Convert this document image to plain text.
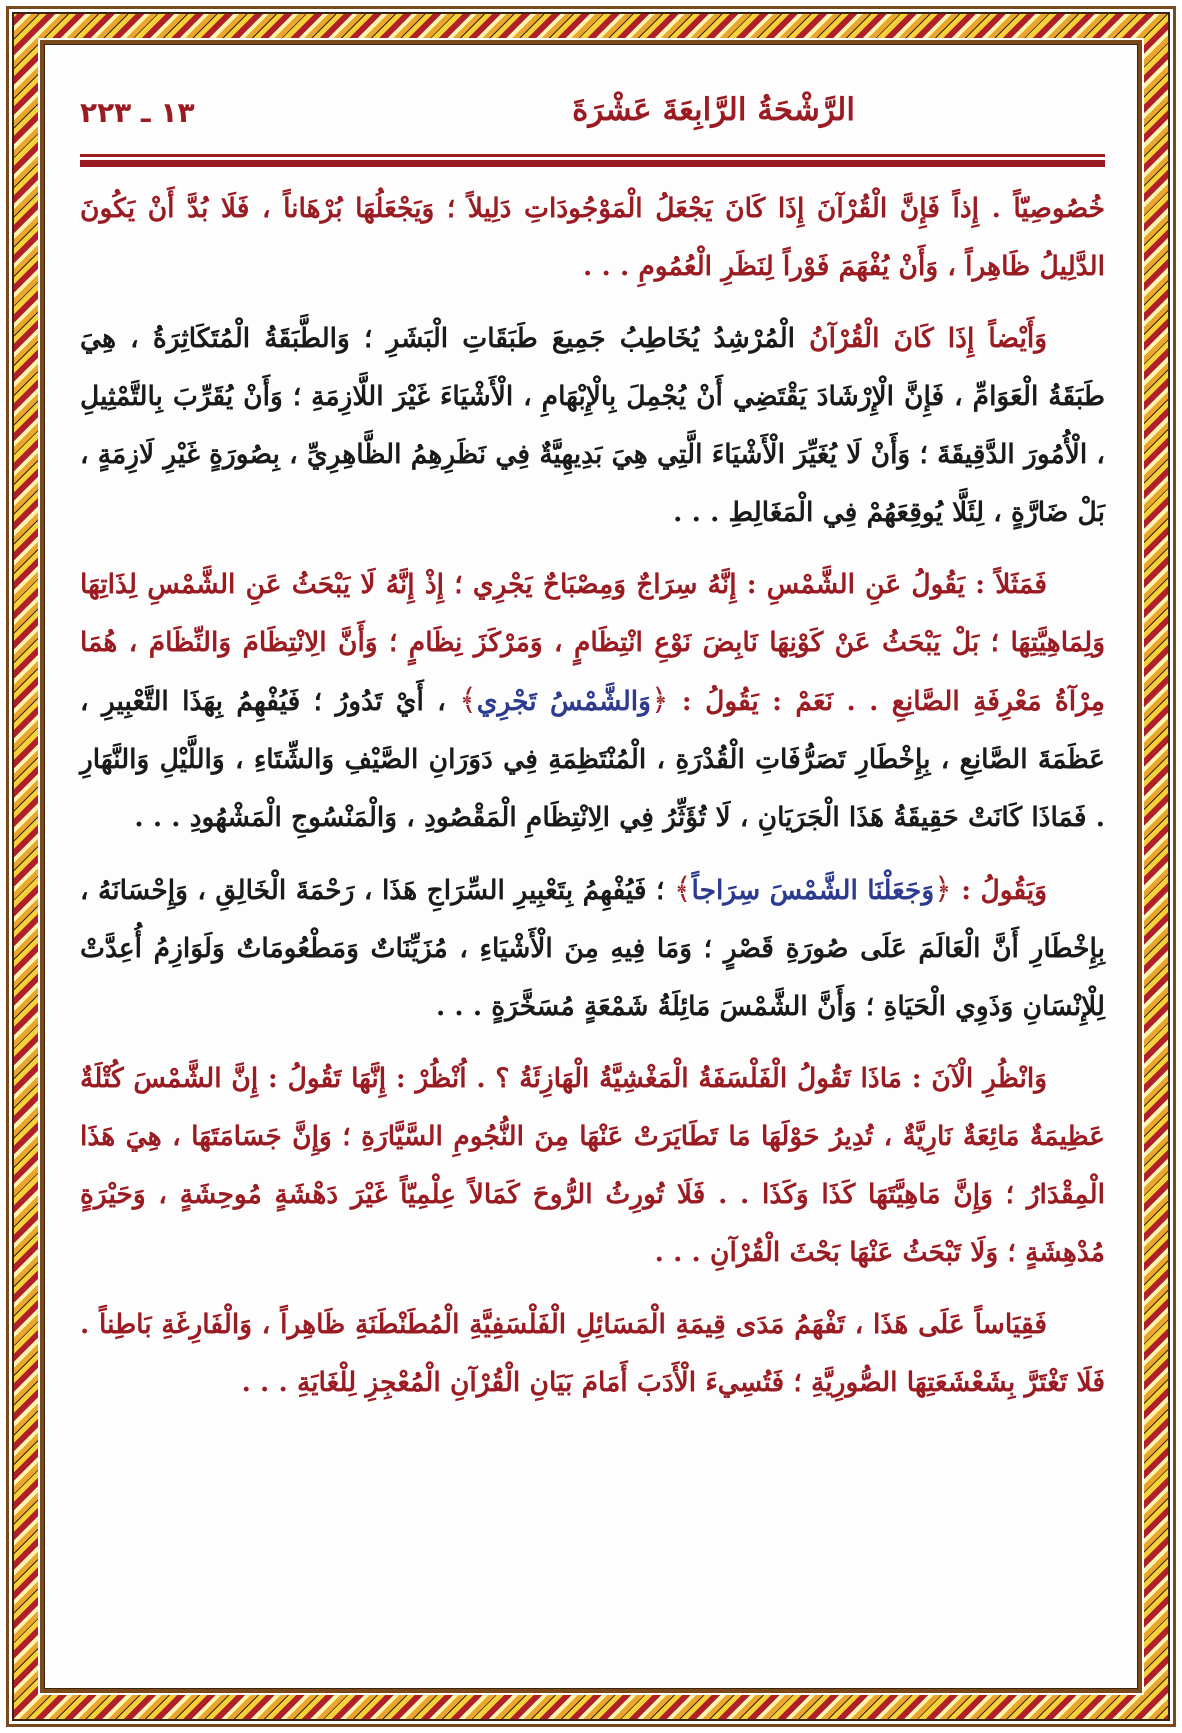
الرَّشْحَةُ الرَّابِعَةَ عَشْرَةَ
١٣ ـ ٢٢٣

خُصُوصِيّاً . إِذاً فَإِنَّ الْقُرْآنَ إِذَا كَانَ يَجْعَلُ الْمَوْجُودَاتِ دَلِيلاً ؛ وَيَجْعَلُهَا بُرْهَاناً ، فَلَا بُدَّ أَنْ يَكُونَ الدَّلِيلُ ظَاهِراً ، وَأَنْ يُفْهَمَ فَوْراً لِنَظَرِ الْعُمُومِ . . .

وَأَيْضاً إِذَا كَانَ الْقُرْآنُ الْمُرْشِدُ يُخَاطِبُ جَمِيعَ طَبَقَاتِ الْبَشَرِ ؛ وَالطَّبَقَةُ الْمُتَكَاثِرَةُ ، هِيَ طَبَقَةُ الْعَوَامِّ ، فَإِنَّ الْإِرْشَادَ يَقْتَضِي أَنْ يُجْمِلَ بِالْإِبْهَامِ ، الْأَشْيَاءَ غَيْرَ اللَّازِمَةِ ؛ وَأَنْ يُقَرِّبَ بِالتَّمْثِيلِ ، الْأُمُورَ الدَّقِيقَةَ ؛ وَأَنْ لَا يُغَيِّرَ الْأَشْيَاءَ الَّتِي هِيَ بَدِيهِيَّةٌ فِي نَظَرِهِمُ الظَّاهِرِيِّ ، بِصُورَةٍ غَيْرِ لَازِمَةٍ ، بَلْ ضَارَّةٍ ، لِئَلَّا يُوقِعَهُمْ فِي الْمَغَالِطِ . . .

فَمَثَلاً : يَقُولُ عَنِ الشَّمْسِ : إِنَّهُ سِرَاجٌ وَمِصْبَاحٌ يَجْرِي ؛ إِذْ إِنَّهُ لَا يَبْحَثُ عَنِ الشَّمْسِ لِذَاتِهَا وَلِمَاهِيَّتِهَا ؛ بَلْ يَبْحَثُ عَنْ كَوْنِهَا نَابِضَ نَوْعِ انْتِظَامٍ ، وَمَرْكَزَ نِظَامٍ ؛ وَأَنَّ الِانْتِظَامَ وَالنِّظَامَ ، هُمَا مِرْآةُ مَعْرِفَةِ الصَّانِعِ . . نَعَمْ : يَقُولُ : ﴿وَالشَّمْسُ تَجْرِي﴾ ، أَيْ تَدُورُ ؛ فَيُفْهِمُ بِهَذَا التَّعْبِيرِ ، عَظَمَةَ الصَّانِعِ ، بِإِخْطَارِ تَصَرُّفَاتِ الْقُدْرَةِ ، الْمُنْتَظِمَةِ فِي دَوَرَانِ الصَّيْفِ وَالشِّتَاءِ ، وَاللَّيْلِ وَالنَّهَارِ . فَمَاذَا كَانَتْ حَقِيقَةُ هَذَا الْجَرَيَانِ ، لَا تُؤَثِّرُ فِي الِانْتِظَامِ الْمَقْصُودِ ، وَالْمَنْسُوجِ الْمَشْهُودِ . . .

وَيَقُولُ : ﴿وَجَعَلْنَا الشَّمْسَ سِرَاجاً﴾ ؛ فَيُفْهِمُ بِتَعْبِيرِ السِّرَاجِ هَذَا ، رَحْمَةَ الْخَالِقِ ، وَإِحْسَانَهُ ، بِإِخْطَارِ أَنَّ الْعَالَمَ عَلَى صُورَةِ قَصْرٍ ؛ وَمَا فِيهِ مِنَ الْأَشْيَاءِ ، مُزَيِّنَاتٌ وَمَطْعُومَاتٌ وَلَوَازِمُ أُعِدَّتْ لِلْإِنْسَانِ وَذَوِي الْحَيَاةِ ؛ وَأَنَّ الشَّمْسَ مَائِلَةُ شَمْعَةٍ مُسَخَّرَةٍ . . .

وَانْظُرِ الْآنَ : مَاذَا تَقُولُ الْفَلْسَفَةُ الْمَغْشِيَّةُ الْهَازِئَةُ ؟ . اُنْظُرْ : إِنَّهَا تَقُولُ : إِنَّ الشَّمْسَ كُتْلَةٌ عَظِيمَةٌ مَائِعَةٌ نَارِيَّةٌ ، تُدِيرُ حَوْلَهَا مَا تَطَايَرَتْ عَنْهَا مِنَ النُّجُومِ السَّيَّارَةِ ؛ وَإِنَّ جَسَامَتَهَا ، هِيَ هَذَا الْمِقْدَارُ ؛ وَإِنَّ مَاهِيَّتَهَا كَذَا وَكَذَا . . فَلَا تُورِثُ الرُّوحَ كَمَالاً عِلْمِيّاً غَيْرَ دَهْشَةٍ مُوحِشَةٍ ، وَحَيْرَةٍ مُدْهِشَةٍ ؛ وَلَا تَبْحَثُ عَنْهَا بَحْثَ الْقُرْآنِ . . .

فَقِيَاساً عَلَى هَذَا ، تَفْهَمُ مَدَى قِيمَةِ الْمَسَائِلِ الْفَلْسَفِيَّةِ الْمُطَنْطَنَةِ ظَاهِراً ، وَالْفَارِغَةِ بَاطِناً . فَلَا تَغْتَرَّ بِشَعْشَعَتِهَا الصُّورِيَّةِ ؛ فَتُسِيءَ الْأَدَبَ أَمَامَ بَيَانِ الْقُرْآنِ الْمُعْجِزِ لِلْغَايَةِ . . .
